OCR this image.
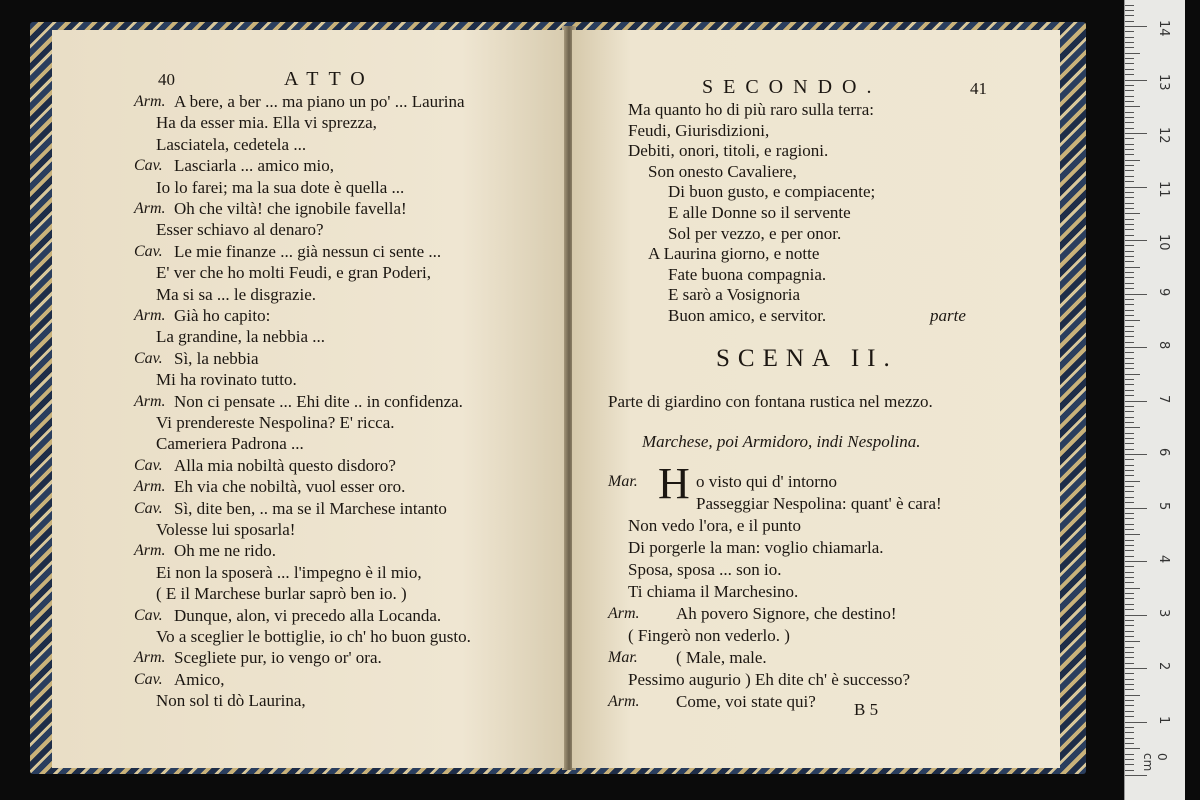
40	ATTO
Arm. A bere, a ber ... ma piano un po' ... Laurina
Ha da esser mia. Ella vi sprezza,
Lasciatela, cedetela ...
Cav. Lasciarla ... amico mio,
Io lo farei; ma la sua dote è quella ...
Arm. Oh che viltà! che ignobile favella!
Esser schiavo al denaro?
Cav. Le mie finanze ... già nessun ci sente ...
E' ver che ho molti Feudi, e gran Poderi,
Ma si sa ... le disgrazie.
Arm. Già ho capito:
La grandine, la nebbia ...
Cav. Sì, la nebbia
Mi ha rovinato tutto.
Arm. Non ci pensate ... Ehi dite .. in confidenza.
Vi prendereste Nespolina? E' ricca.
Cameriera Padrona ...
Cav. Alla mia nobiltà questo disdoro?
Arm. Eh via che nobiltà, vuol esser oro.
Cav. Sì, dite ben, .. ma se il Marchese intanto
Volesse lui sposarla!
Arm. Oh me ne rido.
Ei non la sposerà ... l'impegno è il mio,
( E il Marchese burlar saprò ben io. )
Cav. Dunque, alon, vi precedo alla Locanda.
Vo a sceglier le bottiglie, io ch' ho buon gusto.
Arm. Scegliete pur, io vengo or' ora.
Cav. Amico,
Non sol ti dò Laurina,
SECONDO.	41
Ma quanto ho di più raro sulla terra:
Feudi, Giurisdizioni,
Debiti, onori, titoli, e ragioni.
Son onesto Cavaliere,
Di buon gusto, e compiacente;
E alle Donne so il servente
Sol per vezzo, e per onor.
A Laurina giorno, e notte
Fate buona compagnia.
E sarò a Vosignoria
Buon amico, e servitor.	parte
SCENA II.
Parte di giardino con fontana rustica nel mezzo.
Marchese, poi Armidoro, indi Nespolina.
Mar. H o visto qui d' intorno
Passeggiar Nespolina: quant' è cara!
Non vedo l'ora, e il punto
Di porgerle la man: voglio chiamarla.
Sposa, sposa ... son io.
Ti chiama il Marchesino.
Arm. Ah povero Signore, che destino!
( Fingerò non vederlo. )
Mar. ( Male, male.
Pessimo augurio ) Eh dite ch' è successo?
Arm. Come, voi state qui? B 5
0 cm
1
2
3
4
5
6
7
8
9
10
11
12
13
14
